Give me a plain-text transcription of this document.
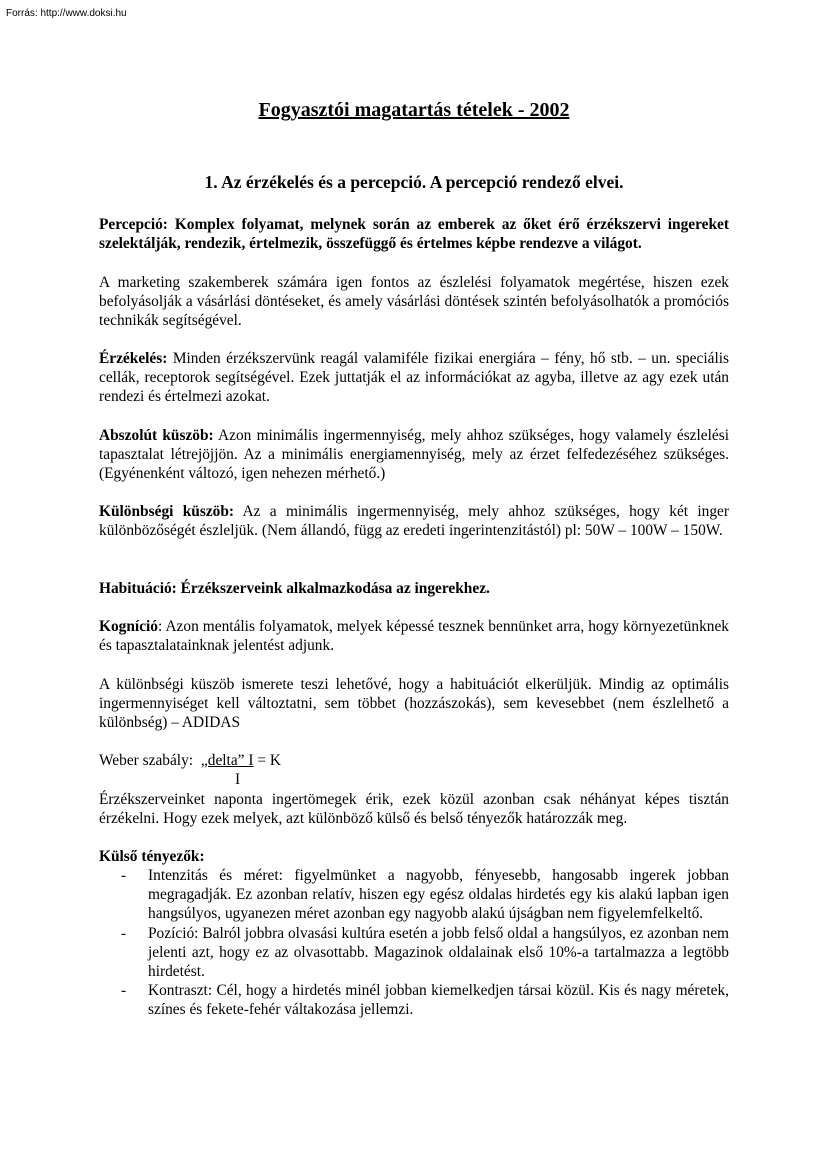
Forrás: http://www.doksi.hu
Fogyasztói magatartás tételek - 2002
1. Az érzékelés és a percepció. A percepció rendező elvei.

Percepció: Komplex folyamat, melynek során az emberek az őket érő érzékszervi ingereket szelektálják, rendezik, értelmezik, összefüggő és értelmes képbe rendezve a világot.

A marketing szakemberek számára igen fontos az észlelési folyamatok megértése, hiszen ezek befolyásolják a vásárlási döntéseket, és amely vásárlási döntések szintén befolyásolhatók a promóciós technikák segítségével.

Érzékelés: Minden érzékszervünk reagál valamiféle fizikai energiára – fény, hő stb. – un. speciális cellák, receptorok segítségével. Ezek juttatják el az információkat az agyba, illetve az agy ezek után rendezi és értelmezi azokat.

Abszolút küszöb: Azon minimális ingermennyiség, mely ahhoz szükséges, hogy valamely észlelési tapasztalat létrejöjjön. Az a minimális energiamennyiség, mely az érzet felfedezéséhez szükséges. (Egyénenként változó, igen nehezen mérhető.)

Különbségi küszöb: Az a minimális ingermennyiség, mely ahhoz szükséges, hogy két inger különbözőségét észleljük. (Nem állandó, függ az eredeti ingerintenzitástól) pl: 50W – 100W – 150W.

Habituáció: Érzékszerveink alkalmazkodása az ingerekhez.

Kogníció: Azon mentális folyamatok, melyek képessé tesznek bennünket arra, hogy környezetünknek és tapasztalatainknak jelentést adjunk.

A különbségi küszöb ismerete teszi lehetővé, hogy a habituációt elkerüljük. Mindig az optimális ingermennyiséget kell változtatni, sem többet (hozzászokás), sem kevesebbet (nem észlelhető a különbség) – ADIDAS

Weber szabály: „delta” I = K
I

Érzékszerveinket naponta ingertömegek érik, ezek közül azonban csak néhányat képes tisztán érzékelni. Hogy ezek melyek, azt különböző külső és belső tényezők határozzák meg.

Külső tényezők:
- Intenzitás és méret: figyelmünket a nagyobb, fényesebb, hangosabb ingerek jobban megragadják. Ez azonban relatív, hiszen egy egész oldalas hirdetés egy kis alakú lapban igen hangsúlyos, ugyanezen méret azonban egy nagyobb alakú újságban nem figyelemfelkeltő.
- Pozíció: Balról jobbra olvasási kultúra esetén a jobb felső oldal a hangsúlyos, ez azonban nem jelenti azt, hogy ez az olvasottabb. Magazinok oldalainak első 10%-a tartalmazza a legtöbb hirdetést.
- Kontraszt: Cél, hogy a hirdetés minél jobban kiemelkedjen társai közül. Kis és nagy méretek, színes és fekete-fehér váltakozása jellemzi.
